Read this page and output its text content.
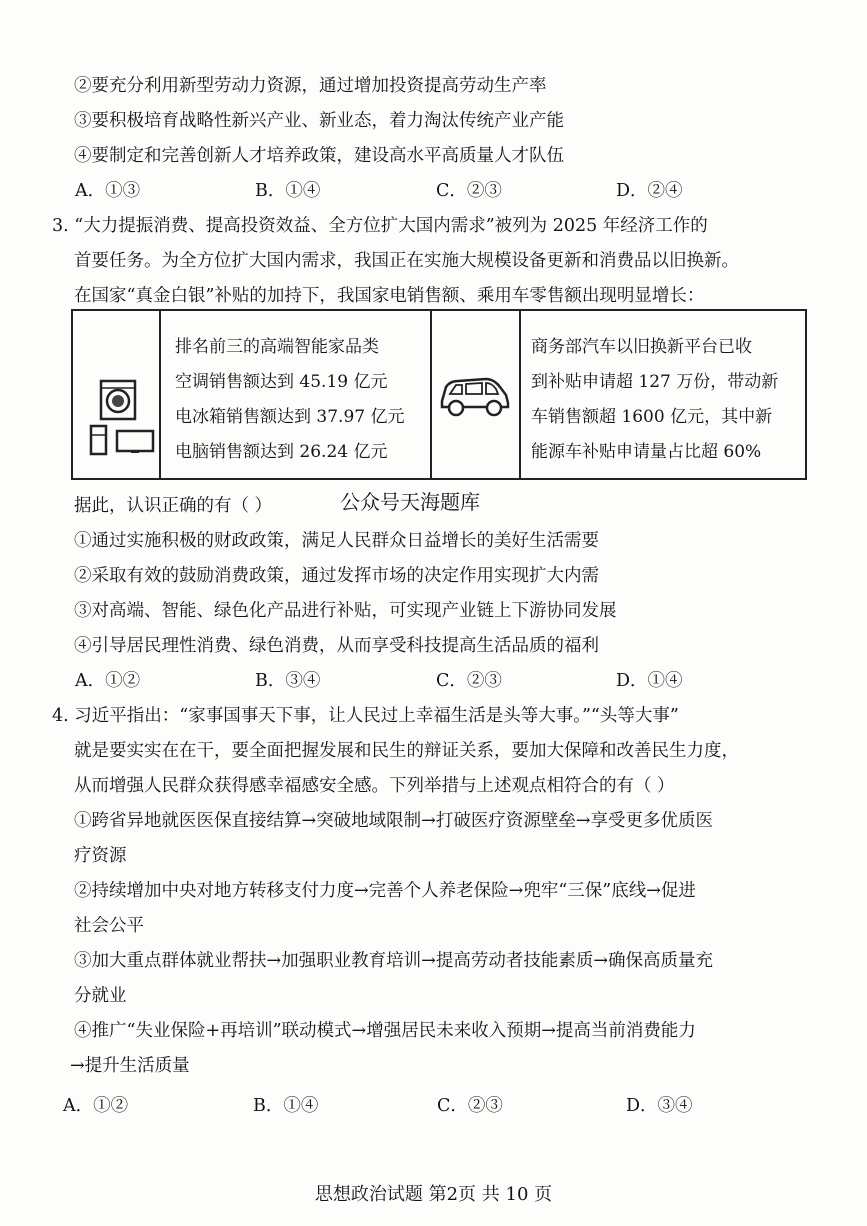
②要充分利用新型劳动力资源，通过增加投资提高劳动生产率
③要积极培育战略性新兴产业、新业态，着力淘汰传统产业产能
④要制定和完善创新人才培养政策，建设高水平高质量人才队伍
A．①③	B．①④	C．②③	D．②④
3. “大力提振消费、提高投资效益、全方位扩大国内需求”被列为 2025 年经济工作的
首要任务。为全方位扩大国内需求，我国正在实施大规模设备更新和消费品以旧换新。
在国家“真金白银”补贴的加持下，我国家电销售额、乘用车零售额出现明显增长：
排名前三的高端智能家品类
空调销售额达到 45.19 亿元
电冰箱销售额达到 37.97 亿元
电脑销售额达到 26.24 亿元
商务部汽车以旧换新平台已收
到补贴申请超 127 万份，带动新
车销售额超 1600 亿元，其中新
能源车补贴申请量占比超 60%
据此，认识正确的有（ ）	公众号天海题库
①通过实施积极的财政政策，满足人民群众日益增长的美好生活需要
②采取有效的鼓励消费政策，通过发挥市场的决定作用实现扩大内需
③对高端、智能、绿色化产品进行补贴，可实现产业链上下游协同发展
④引导居民理性消费、绿色消费，从而享受科技提高生活品质的福利
A．①②	B．③④	C．②③	D．①④
4. 习近平指出：“家事国事天下事，让人民过上幸福生活是头等大事。”“头等大事”
就是要实实在在干，要全面把握发展和民生的辩证关系，要加大保障和改善民生力度，
从而增强人民群众获得感幸福感安全感。下列举措与上述观点相符合的有（ ）
①跨省异地就医医保直接结算→突破地域限制→打破医疗资源壁垒→享受更多优质医
疗资源
②持续增加中央对地方转移支付力度→完善个人养老保险→兜牢“三保”底线→促进
社会公平
③加大重点群体就业帮扶→加强职业教育培训→提高劳动者技能素质→确保高质量充
分就业
④推广“失业保险+再培训”联动模式→增强居民未来收入预期→提高当前消费能力
→提升生活质量
A．①②	B．①④	C．②③	D．③④
思想政治试题 第2页 共 10 页
